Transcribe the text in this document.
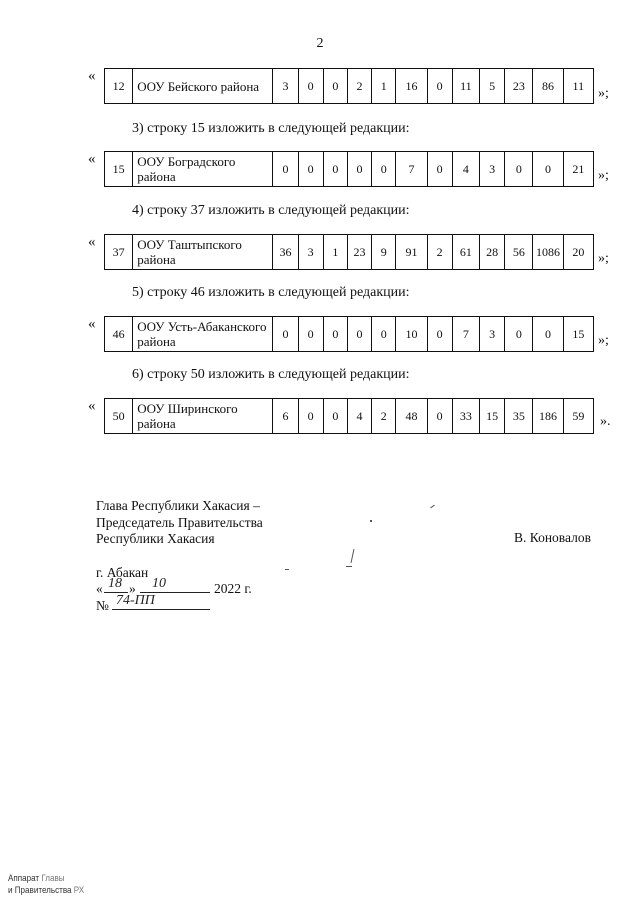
2
«
12	ООУ Бейского района	3	0	0	2	1	16	0	11	5	23	86	11
»;
3) строку 15 изложить в следующей редакции:
«
15	ООУ Боградского района	0	0	0	0	0	7	0	4	3	0	0	21 »;
4) строку 37 изложить в следующей редакции:
«
37	ООУ Таштыпского района	36	3	1	23	9	91	2	61	28	56	1086	20 »;
5) строку 46 изложить в следующей редакции:
«
46	ООУ Усть-Абаканского района	0	0	0	0	0	10	0	7	3	0	0	15 »;
6) строку 50 изложить в следующей редакции:
«
50	ООУ Ширинского района	6	0	0	4	2	48	0	33	15	35	186	59 ».
Глава Республики Хакасия –
Председатель Правительства
Республики Хакасия	В. Коновалов
г. Абакан
« 18 » 10	2022 г.
№ 74-ПП
Аппарат Главы
и Правительства РХ
